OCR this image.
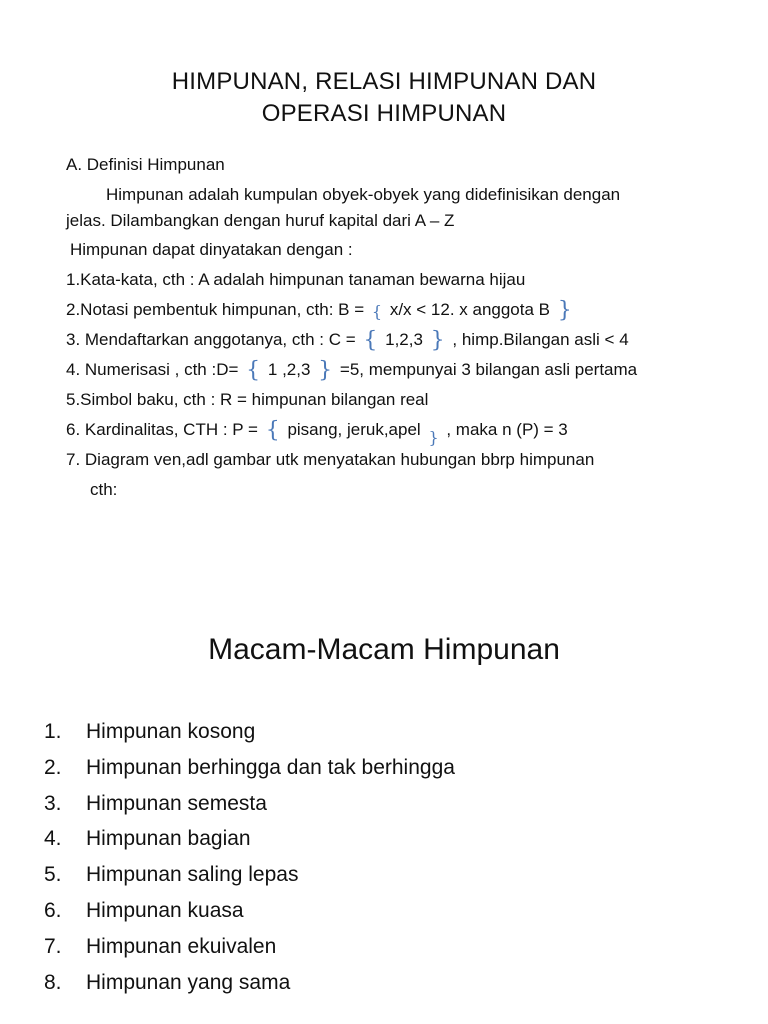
HIMPUNAN, RELASI HIMPUNAN DAN
OPERASI HIMPUNAN
A. Definisi Himpunan
Himpunan adalah kumpulan obyek-obyek yang didefinisikan dengan
jelas. Dilambangkan dengan huruf kapital dari A – Z
Himpunan dapat dinyatakan dengan :
1.Kata-kata, cth : A adalah himpunan tanaman bewarna hijau
2.Notasi pembentuk himpunan, cth: B = { x/x < 12. x anggota B }
3. Mendaftarkan anggotanya, cth : C = { 1,2,3 } , himp.Bilangan asli < 4
4. Numerisasi , cth :D= { 1 ,2,3 } =5, mempunyai 3 bilangan asli pertama
5.Simbol baku, cth : R = himpunan bilangan real
6. Kardinalitas, CTH : P = { pisang, jeruk,apel } , maka n (P) = 3
7. Diagram ven,adl gambar utk menyatakan hubungan bbrp himpunan
cth:
Macam-Macam Himpunan
1. Himpunan kosong
2. Himpunan berhingga dan tak berhingga
3. Himpunan semesta
4. Himpunan bagian
5. Himpunan saling lepas
6. Himpunan kuasa
7. Himpunan ekuivalen
8. Himpunan yang sama
